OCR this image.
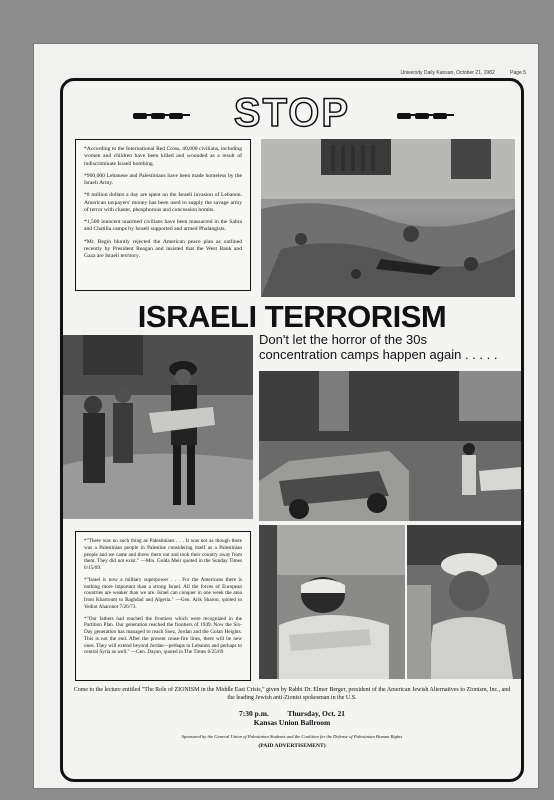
University Daily Kansan, October 21, 1982	Page 5
STOP

*According to the International Red Cross, 40,000 civilians, including women and children have been killed and wounded as a result of indiscriminate Israeli bombing.

*900,000 Lebanese and Palestinians have been made homeless by the Israeli Army.

*8 million dollars a day are spent on the Israeli invasion of Lebanon. American taxpayers' money has been used to supply the savage army of terror with cluster, phosphorous and concussion bombs.

*1,500 innocent unarmed civilians have been massacred in the Sabra and Chatilla camps by Israeli supported and armed Phalangists.

*Mr. Begin bluntly rejected the American peace plan as outlined recently by President Reagan and insisted that the West Bank and Gaza are Israeli territory.

ISRAELI TERRORISM
Don't let the horror of the 30s
concentration camps happen again . . . . .

*"There was no such thing as Palestinians . . . It was not as though there was a Palestinian people in Palestine considering itself as a Palestinian people and we came and threw them out and took their country away from them. They did not exist." —Mrs. Golda Meir quoted in the Sunday Times 6/15/69.

*"Israel is now a military superpower . . . For the Americans there is nothing more important than a strong Israel. All the forces of European countries are weaker than we are. Israel can conquer in one week the area from Khartoum to Baghdad and Algeria." —Gen. Arik Sharon, quoted in Yediot Aharonot 7/26/73.

*"Our fathers had reached the frontiers which were recognized in the Partition Plan. Our generation reached the frontiers of 1949. Now the Six-Day generation has managed to reach Suez, Jordan and the Golan Heights. This is not the end. After the present cease-fire lines, there will be new ones. They will extend beyond Jordan—perhaps to Lebanon and perhaps to central Syria as well." —Gen. Dayan, quoted in The Times 6/25/69

Come to the lecture entitled "The Role of ZIONISM in the Middle East Crisis," given by Rabbi Dr. Elmer Berger, president of the American Jewish Alternatives to Zionism, Inc., and the leading Jewish anti-Zionist spokesman in the U.S.
7:30 p.m. Thursday, Oct. 21
Kansas Union Ballroom
Sponsored by the General Union of Palestinian Students and the Coalition for the Defense of Palestinian Human Rights
(PAID ADVERTISEMENT)
